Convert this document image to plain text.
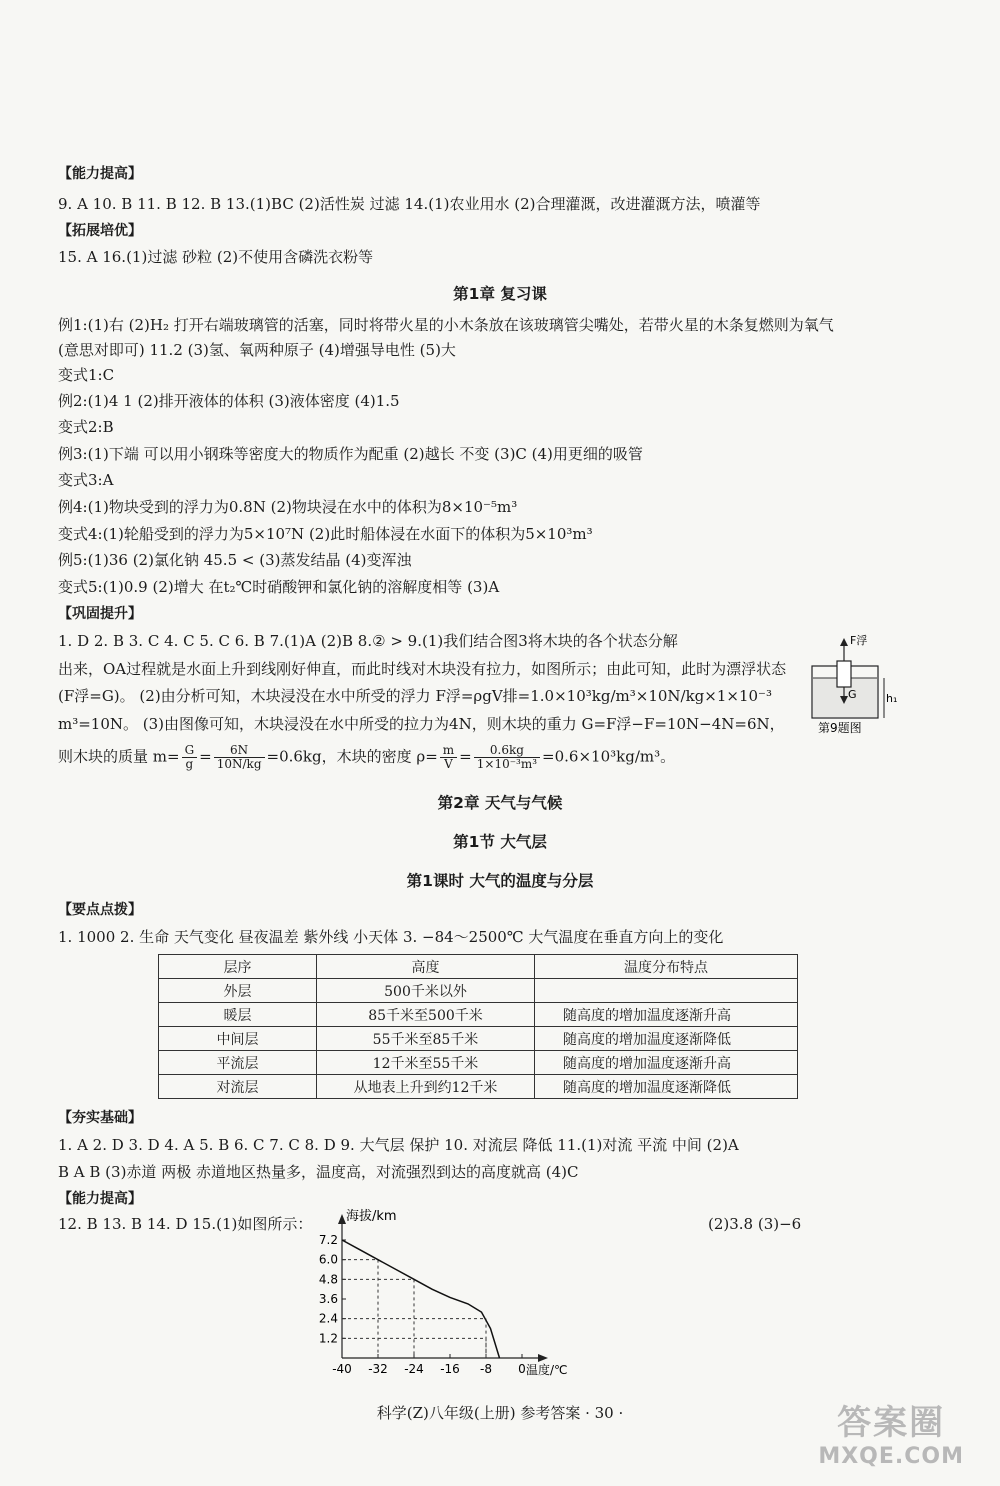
【能力提高】
9. A 10. B 11. B 12. B 13.(1)BC (2)活性炭 过滤 14.(1)农业用水 (2)合理灌溉，改进灌溉方法，喷灌等
【拓展培优】
15. A 16.(1)过滤 砂粒 (2)不使用含磷洗衣粉等
第1章 复习课
例1:(1)右 (2)H₂ 打开右端玻璃管的活塞，同时将带火星的小木条放在该玻璃管尖嘴处，若带火星的木条复燃则为氧气
(意思对即可) 11.2 (3)氢、氧两种原子 (4)增强导电性 (5)大
变式1:C
例2:(1)4 1 (2)排开液体的体积 (3)液体密度 (4)1.5
变式2:B
例3:(1)下端 可以用小钢珠等密度大的物质作为配重 (2)越长 不变 (3)C (4)用更细的吸管
变式3:A
例4:(1)物块受到的浮力为0.8N (2)物块浸在水中的体积为8×10⁻⁵m³
变式4:(1)轮船受到的浮力为5×10⁷N (2)此时船体浸在水面下的体积为5×10³m³
例5:(1)36 (2)氯化钠 45.5 < (3)蒸发结晶 (4)变浑浊
变式5:(1)0.9 (2)增大 在t₂℃时硝酸钾和氯化钠的溶解度相等 (3)A
【巩固提升】
1. D 2. B 3. C 4. C 5. C 6. B 7.(1)A (2)B 8.② > 9.(1)我们结合图3将木块的各个状态分解
出来，OA过程就是水面上升到线刚好伸直，而此时线对木块没有拉力，如图所示；由此可知，此时为漂浮状态
(F浮=G)。 (2)由分析可知，木块浸没在水中所受的浮力 F浮=ρgV排=1.0×10³kg/m³×10N/kg×1×10⁻³
m³=10N。 (3)由图像可知，木块浸没在水中所受的拉力为4N，则木块的重力 G=F浮−F=10N−4N=6N，
则木块的质量 $m= \frac{G}{g} = \frac{6N}{10N/kg} =0.6kg$，木块的密度 $\rho= \frac{m}{V} = \frac{0.6kg}{\text{1×10⁻³m³}} =0.6\times 10^3kg/m^3$。
F浮
G	h₁
第9题图
第2章 天气与气候
第1节 大气层
第1课时 大气的温度与分层
【要点点拨】
1. 1000 2. 生命 天气变化 昼夜温差 紫外线 小天体 3. −84～2500℃ 大气温度在垂直方向上的变化
层序	高度	温度分布特点
外层	500千米以外	
暖层	85千米至500千米	随高度的增加温度逐渐升高
中间层	55千米至85千米	随高度的增加温度逐渐降低
平流层	12千米至55千米	随高度的增加温度逐渐升高
对流层	从地表上升到约12千米	随高度的增加温度逐渐降低
【夯实基础】
1. A 2. D 3. D 4. A 5. B 6. C 7. C 8. D 9. 大气层 保护 10. 对流层 降低 11.(1)对流 平流 中间 (2)A
B A B (3)赤道 两极 赤道地区热量多，温度高，对流强烈到达的高度就高 (4)C
【能力提高】
12. B 13. B 14. D 15.(1)如图所示：	(2)3.8 (3)−6
海拔/km
温度/℃
1.2
2.4
3.6
4.8
6.0
7.2
-40 -32 -24 -16 -8 0
科学(Z)八年级(上册) 参考答案 · 30 ·	答案圈
MXQE.COM
